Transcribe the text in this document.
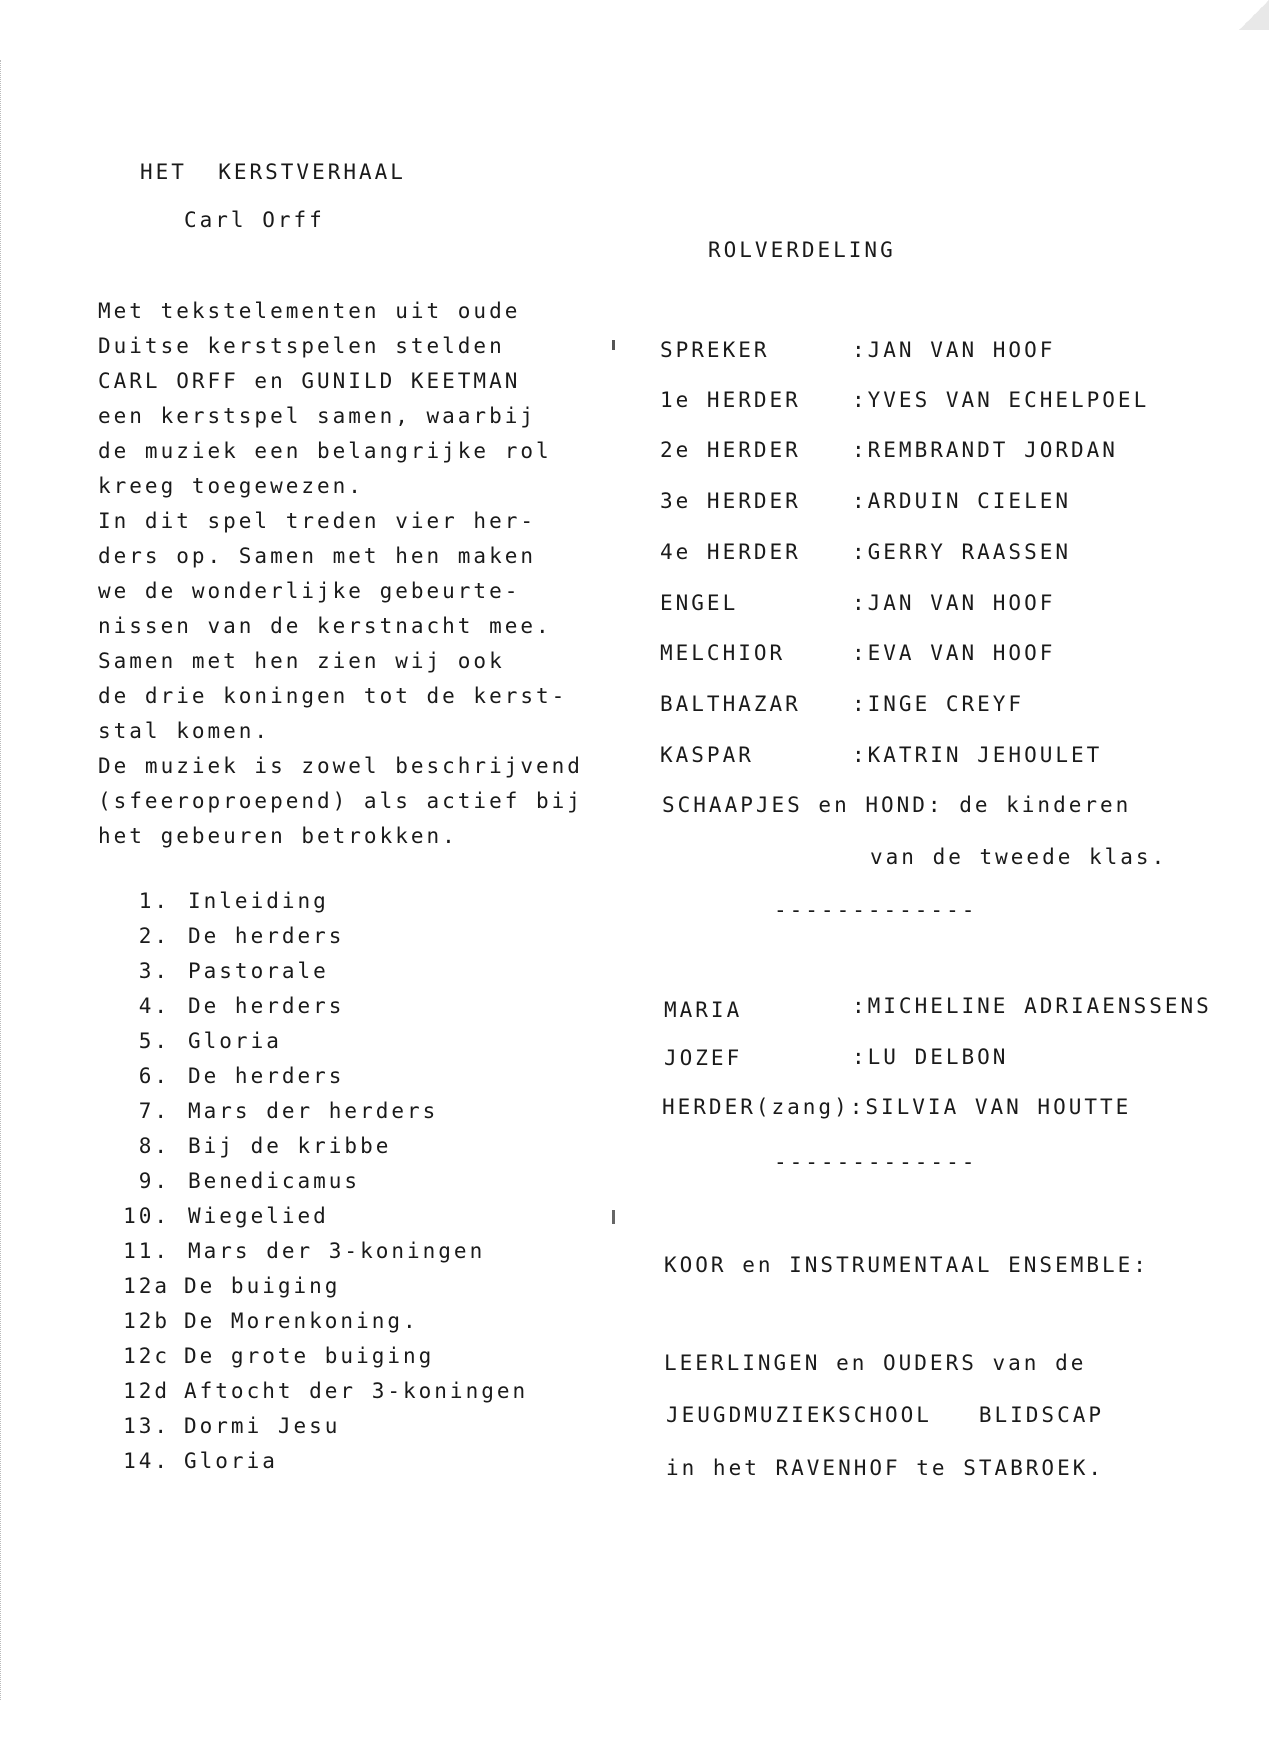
HET  KERSTVERHAAL
Carl Orff
Met tekstelementen uit oude
Duitse kerstspelen stelden
CARL ORFF en GUNILD KEETMAN
een kerstspel samen, waarbij
de muziek een belangrijke rol
kreeg toegewezen.
In dit spel treden vier her-
ders op. Samen met hen maken
we de wonderlijke gebeurte-
nissen van de kerstnacht mee.
Samen met hen zien wij ook
de drie koningen tot de kerst-
stal komen.
De muziek is zowel beschrijvend
(sfeeroproepend) als actief bij
het gebeuren betrokken.
1. Inleiding
2. De herders
3. Pastorale
4. De herders
5. Gloria
6. De herders
7. Mars der herders
8. Bij de kribbe
9. Benedicamus
10. Wiegelied
11. Mars der 3-koningen
12a De buiging
12b De Morenkoning.
12c De grote buiging
12d Aftocht der 3-koningen
13. Dormi Jesu
14. Gloria
ROLVERDELING
SPREKER	:JAN VAN HOOF
1e HERDER :YVES VAN ECHELPOEL
2e HERDER :REMBRANDT JORDAN
3e HERDER :ARDUIN CIELEN
4e HERDER :GERRY RAASSEN
ENGEL	:JAN VAN HOOF
MELCHIOR	:EVA VAN HOOF
BALTHAZAR :INGE CREYF
KASPAR	:KATRIN JEHOULET
SCHAAPJES en HOND: de kinderen
van de tweede klas.
-------------
MARIA	:MICHELINE ADRIAENSSENS
JOZEF	:LU DELBON
HERDER(zang):SILVIA VAN HOUTTE
-------------
KOOR en INSTRUMENTAAL ENSEMBLE:
LEERLINGEN en OUDERS van de
JEUGDMUZIEKSCHOOL   BLIDSCAP
in het RAVENHOF te STABROEK.
